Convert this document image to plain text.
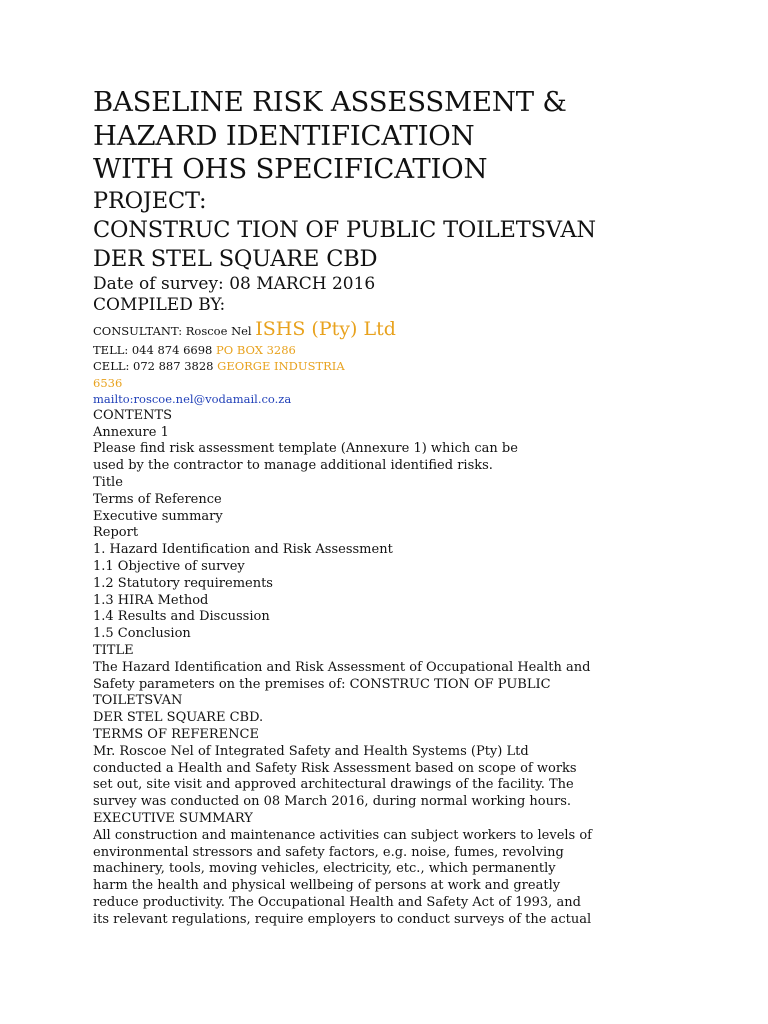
BASELINE RISK ASSESSMENT &
HAZARD IDENTIFICATION
WITH OHS SPECIFICATION
PROJECT:
CONSTRUC TION OF PUBLIC TOILETSVAN
DER STEL SQUARE CBD
Date of survey: 08 MARCH 2016
COMPILED BY:
CONSULTANT: Roscoe Nel ISHS (Pty) Ltd
TELL: 044 874 6698 PO BOX 3286
CELL: 072 887 3828 GEORGE INDUSTRIA
6536
mailto:roscoe.nel@vodamail.co.za
CONTENTS
Annexure 1
Please find risk assessment template (Annexure 1) which can be
used by the contractor to manage additional identified risks.
Title
Terms of Reference
Executive summary
Report
1. Hazard Identification and Risk Assessment
1.1 Objective of survey
1.2 Statutory requirements
1.3 HIRA Method
1.4 Results and Discussion
1.5 Conclusion
TITLE
The Hazard Identification and Risk Assessment of Occupational Health and
Safety parameters on the premises of: CONSTRUC TION OF PUBLIC
TOILETSVAN
DER STEL SQUARE CBD.
TERMS OF REFERENCE
Mr. Roscoe Nel of Integrated Safety and Health Systems (Pty) Ltd
conducted a Health and Safety Risk Assessment based on scope of works
set out, site visit and approved architectural drawings of the facility. The
survey was conducted on 08 March 2016, during normal working hours.
EXECUTIVE SUMMARY
All construction and maintenance activities can subject workers to levels of
environmental stressors and safety factors, e.g. noise, fumes, revolving
machinery, tools, moving vehicles, electricity, etc., which permanently
harm the health and physical wellbeing of persons at work and greatly
reduce productivity. The Occupational Health and Safety Act of 1993, and
its relevant regulations, require employers to conduct surveys of the actual
